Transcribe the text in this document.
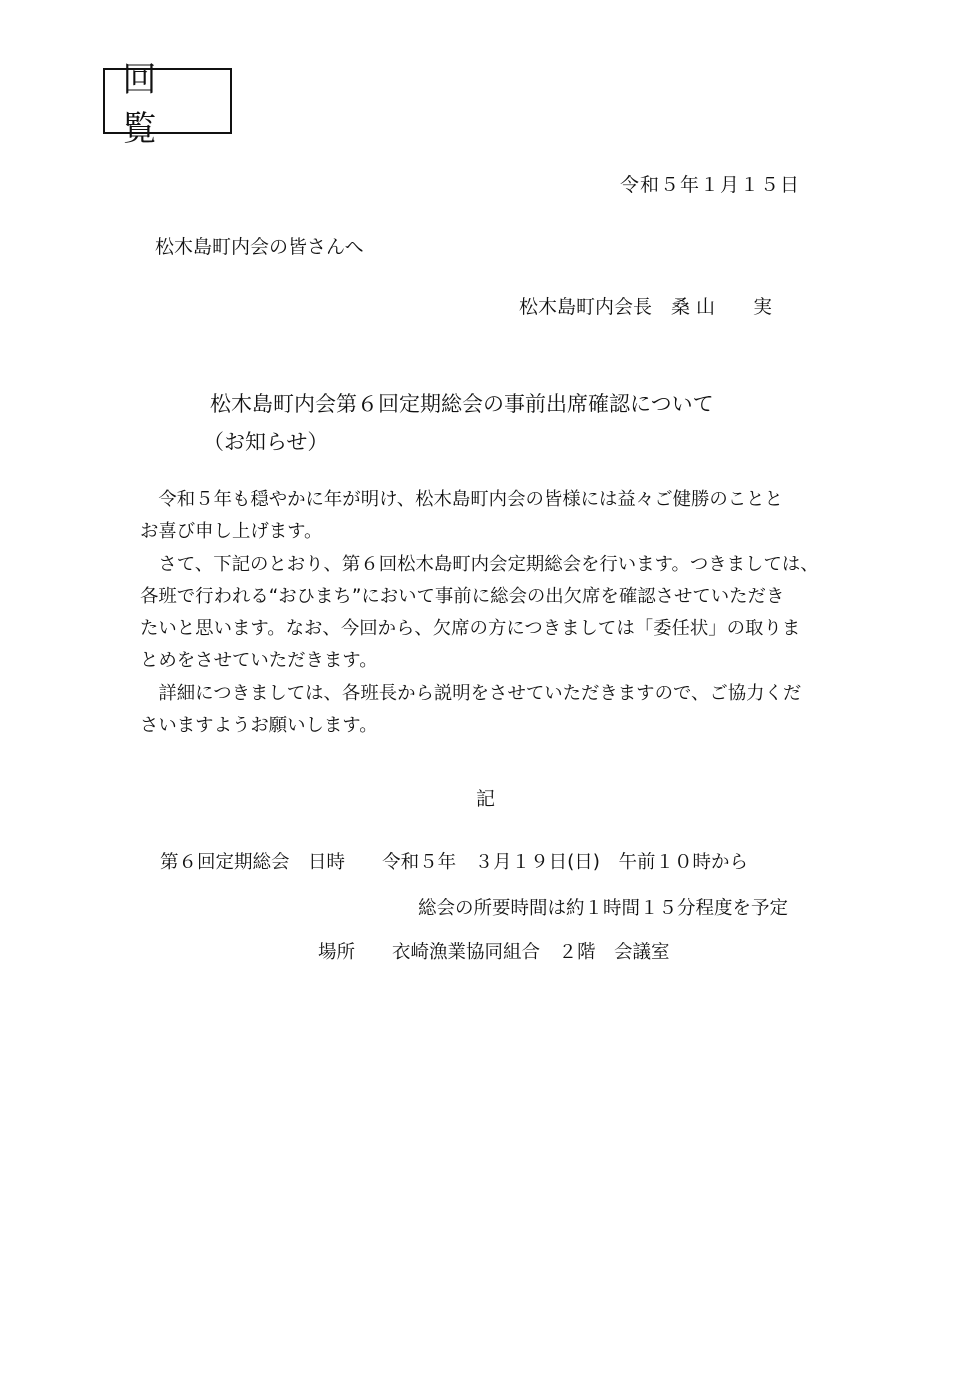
回　覧
令和５年１月１５日
松木島町内会の皆さんへ
松木島町内会長　桑 山　　実
松木島町内会第６回定期総会の事前出席確認について
（お知らせ）
　令和５年も穏やかに年が明け、松木島町内会の皆様には益々ご健勝のことと
お喜び申し上げます。
　さて、下記のとおり、第６回松木島町内会定期総会を行います。つきましては、
各班で行われる“おひまち”において事前に総会の出欠席を確認させていただき
たいと思います。なお、今回から、欠席の方につきましては「委任状」の取りま
とめをさせていただきます。
　詳細につきましては、各班長から説明をさせていただきますので、ご協力くだ
さいますようお願いします。
記
第６回定期総会　 日時　　 令和５年　３月１９日(日)　午前１０時から
総会の所要時間は約１時間１５分程度を予定
場所　　 衣崎漁業協同組合　２階　会議室
